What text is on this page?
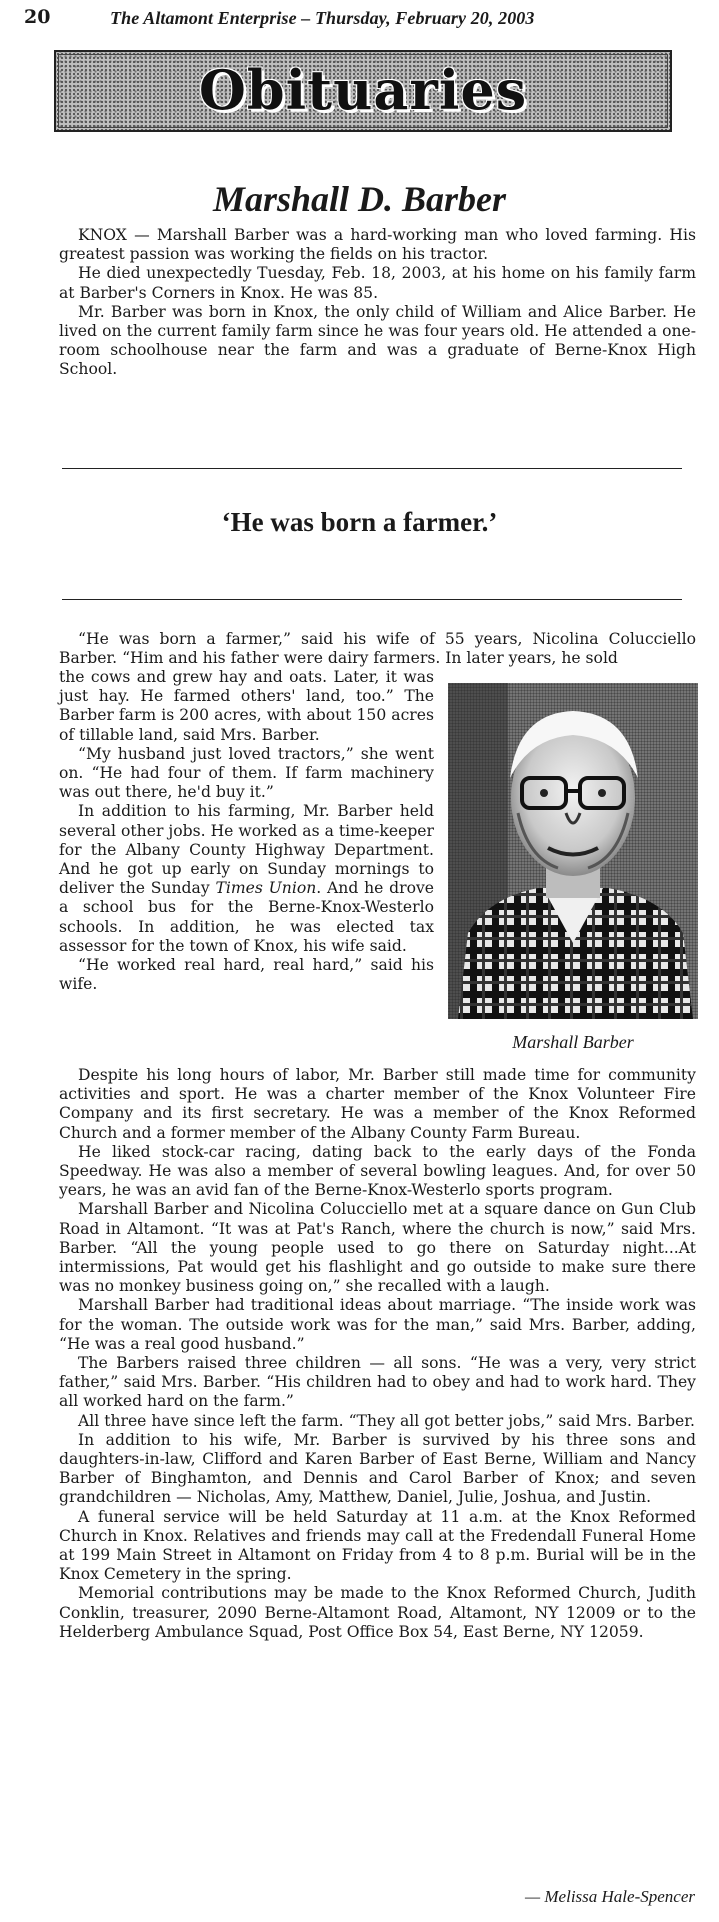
20	The Altamont Enterprise – Thursday, February 20, 2003
Obituaries
Marshall D. Barber

KNOX — Marshall Barber was a hard-working man who loved farming. His greatest passion was working the fields on his tractor.

He died unexpectedly Tuesday, Feb. 18, 2003, at his home on his family farm at Barber's Corners in Knox. He was 85.

Mr. Barber was born in Knox, the only child of William and Alice Barber. He lived on the current family farm since he was four years old. He attended a one-room schoolhouse near the farm and was a graduate of Berne-Knox High School.

‘He was born a farmer.’

“He was born a farmer,” said his wife of 55 years, Nicolina Colucciello Barber. “Him and his father were dairy farmers. In later years, he sold

the cows and grew hay and oats. Later, it was just hay. He farmed others' land, too.” The Barber farm is 200 acres, with about 150 acres of tillable land, said Mrs. Barber.

“My husband just loved tractors,” she went on. “He had four of them. If farm machinery was out there, he'd buy it.”

In addition to his farming, Mr. Barber held several other jobs. He worked as a time-keeper for the Albany County Highway Department. And he got up early on Sunday mornings to deliver the Sunday Times Union. And he drove a school bus for the Berne-Knox-Westerlo schools. In addition, he was elected tax assessor for the town of Knox, his wife said.

“He worked real hard, real hard,” said his wife.

Marshall Barber

Despite his long hours of labor, Mr. Barber still made time for community activities and sport. He was a charter member of the Knox Volunteer Fire Company and its first secretary. He was a member of the Knox Reformed Church and a former member of the Albany County Farm Bureau.

He liked stock-car racing, dating back to the early days of the Fonda Speedway. He was also a member of several bowling leagues. And, for over 50 years, he was an avid fan of the Berne-Knox-Westerlo sports program.

Marshall Barber and Nicolina Colucciello met at a square dance on Gun Club Road in Altamont. “It was at Pat's Ranch, where the church is now,” said Mrs. Barber. “All the young people used to go there on Saturday night...At intermissions, Pat would get his flashlight and go outside to make sure there was no monkey business going on,” she recalled with a laugh.

Marshall Barber had traditional ideas about marriage. “The inside work was for the woman. The outside work was for the man,” said Mrs. Barber, adding, “He was a real good husband.”

The Barbers raised three children — all sons. “He was a very, very strict father,” said Mrs. Barber. “His children had to obey and had to work hard. They all worked hard on the farm.”

All three have since left the farm. “They all got better jobs,” said Mrs. Barber.

In addition to his wife, Mr. Barber is survived by his three sons and daughters-in-law, Clifford and Karen Barber of East Berne, William and Nancy Barber of Binghamton, and Dennis and Carol Barber of Knox; and seven grandchildren — Nicholas, Amy, Matthew, Daniel, Julie, Joshua, and Justin.

A funeral service will be held Saturday at 11 a.m. at the Knox Reformed Church in Knox. Relatives and friends may call at the Fredendall Funeral Home at 199 Main Street in Altamont on Friday from 4 to 8 p.m. Burial will be in the Knox Cemetery in the spring.

Memorial contributions may be made to the Knox Reformed Church, Judith Conklin, treasurer, 2090 Berne-Altamont Road, Altamont, NY 12009 or to the Helderberg Ambulance Squad, Post Office Box 54, East Berne, NY 12059.

— Melissa Hale-Spencer
